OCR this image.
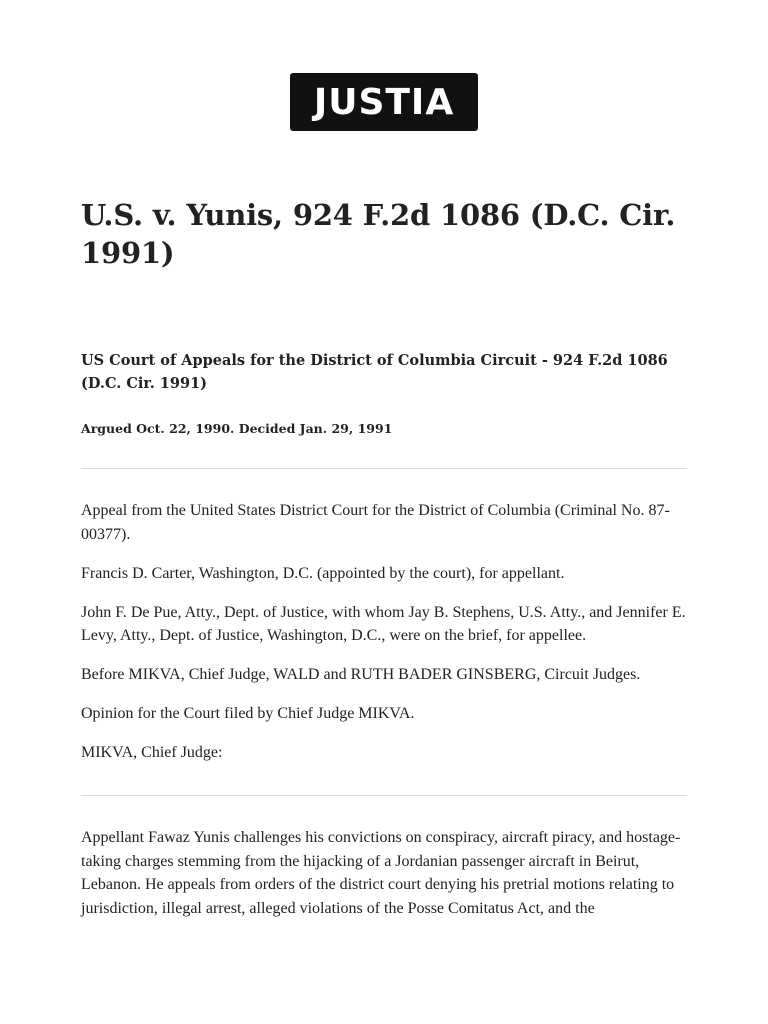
JUSTIA
U.S. v. Yunis, 924 F.2d 1086 (D.C. Cir. 1991)

US Court of Appeals for the District of Columbia Circuit - 924 F.2d 1086 (D.C. Cir. 1991)

Argued Oct. 22, 1990. Decided Jan. 29, 1991

Appeal from the United States District Court for the District of Columbia (Criminal No. 87-00377).

Francis D. Carter, Washington, D.C. (appointed by the court), for appellant.

John F. De Pue, Atty., Dept. of Justice, with whom Jay B. Stephens, U.S. Atty., and Jennifer E. Levy, Atty., Dept. of Justice, Washington, D.C., were on the brief, for appellee.

Before MIKVA, Chief Judge, WALD and RUTH BADER GINSBERG, Circuit Judges.

Opinion for the Court filed by Chief Judge MIKVA.

MIKVA, Chief Judge:

Appellant Fawaz Yunis challenges his convictions on conspiracy, aircraft piracy, and hostage-taking charges stemming from the hijacking of a Jordanian passenger aircraft in Beirut, Lebanon. He appeals from orders of the district court denying his pretrial motions relating to jurisdiction, illegal arrest, alleged violations of the Posse Comitatus Act, and the
